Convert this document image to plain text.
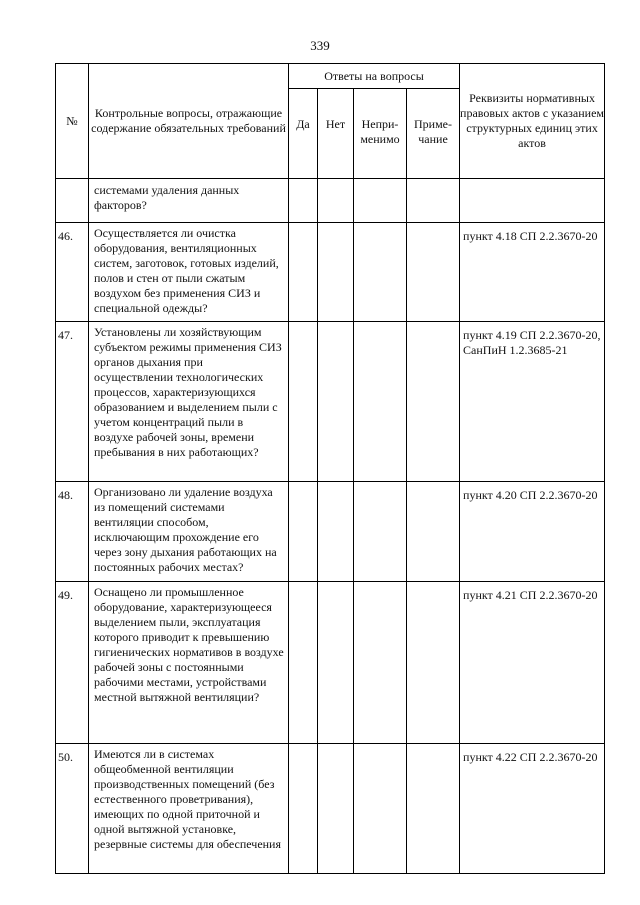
339
№	Контрольные вопросы, отражающие содержание обязательных требований	Ответы на вопросы				Реквизиты нормативных правовых актов с указанием структурных единиц этих актов
		Да	Нет	Непри-менимо	Приме-чание	
	системами удаления данных факторов?					
46.	Осуществляется ли очистка оборудования, вентиляционных систем, заготовок, готовых изделий, полов и стен от пыли сжатым воздухом без применения СИЗ и специальной одежды?					пункт 4.18 СП 2.2.3670-20
47.	Установлены ли хозяйствующим субъектом режимы применения СИЗ органов дыхания при осуществлении технологических процессов, характеризующихся образованием и выделением пыли с учетом концентраций пыли в воздухе рабочей зоны, времени пребывания в них работающих?					пункт 4.19 СП 2.2.3670-20, СанПиН 1.2.3685-21
48.	Организовано ли удаление воздуха из помещений системами вентиляции способом, исключающим прохождение его через зону дыхания работающих на постоянных рабочих местах?					пункт 4.20 СП 2.2.3670-20
49.	Оснащено ли промышленное оборудование, характеризующееся выделением пыли, эксплуатация которого приводит к превышению гигиенических нормативов в воздухе рабочей зоны с постоянными рабочими местами, устройствами местной вытяжной вентиляции?					пункт 4.21 СП 2.2.3670-20
50.	Имеются ли в системах общеобменной вентиляции производственных помещений (без естественного проветривания), имеющих по одной приточной и одной вытяжной установке, резервные системы для обеспечения					пункт 4.22 СП 2.2.3670-20
